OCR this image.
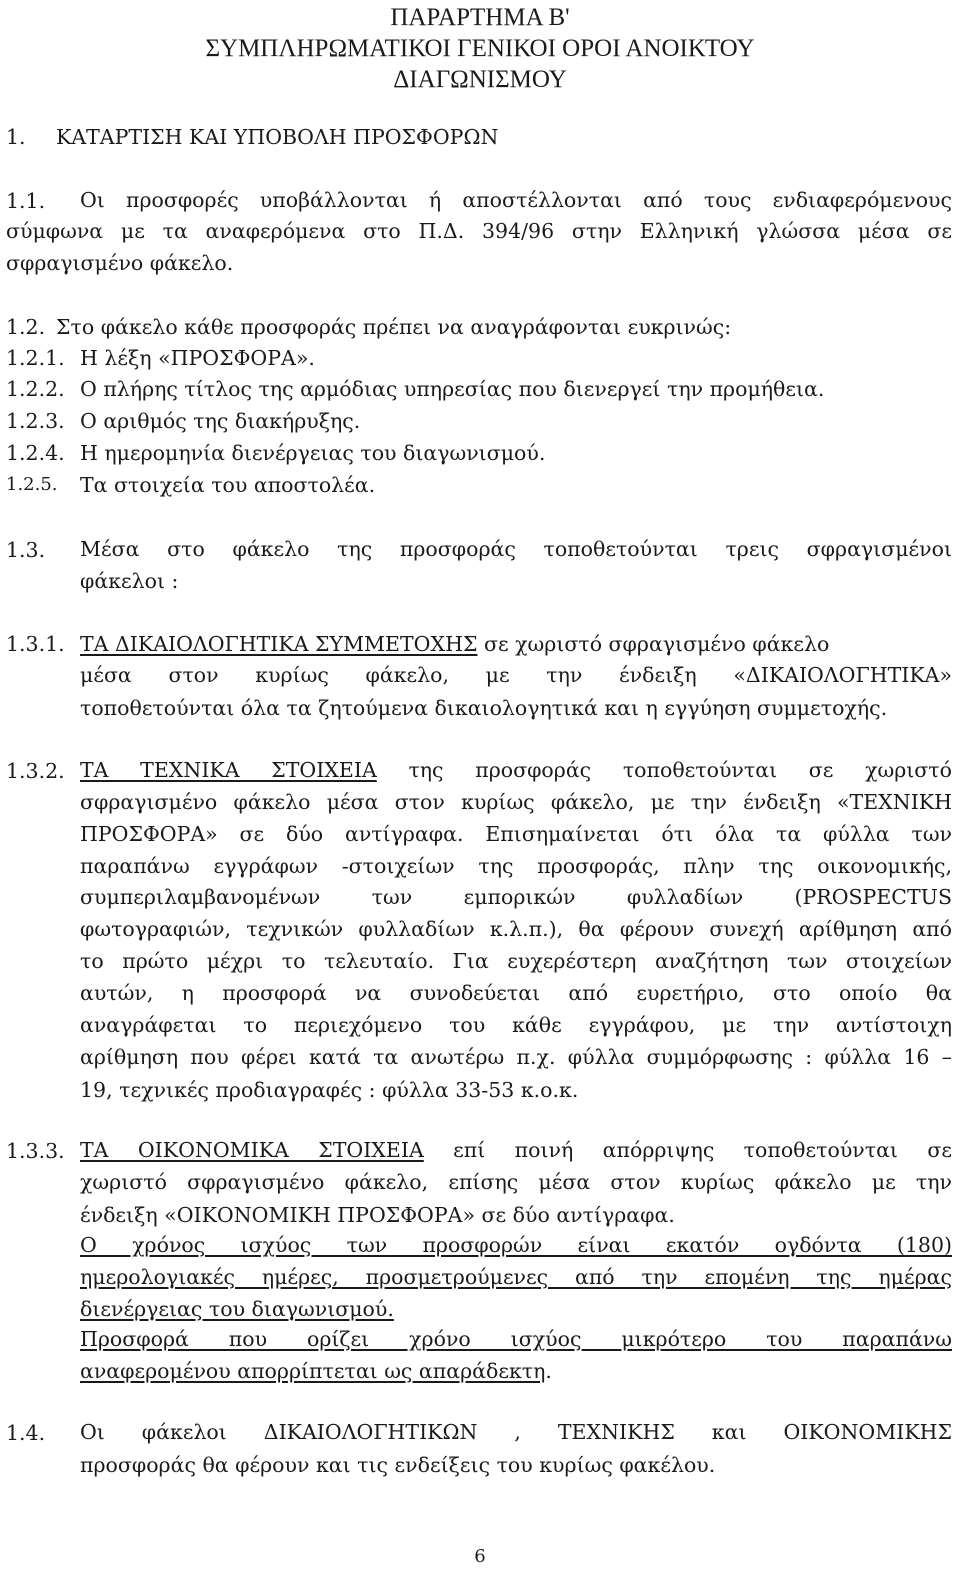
ΠΑΡΑΡΤΗΜΑ Β'
ΣΥΜΠΛΗΡΩΜΑΤΙΚΟΙ ΓΕΝΙΚΟΙ ΟΡΟΙ ΑΝΟΙΚΤΟΥ
ΔΙΑΓΩΝΙΣΜΟΥ
1. ΚΑΤΑΡΤΙΣΗ ΚΑΙ ΥΠΟΒΟΛΗ ΠΡΟΣΦΟΡΩΝ
1.1. Οι προσφορές υποβάλλονται ή αποστέλλονται από τους ενδιαφερόμενους
σύμφωνα με τα αναφερόμενα στο Π.Δ. 394/96 στην Ελληνική γλώσσα μέσα σε
σφραγισμένο φάκελο.
1.2. Στο φάκελο κάθε προσφοράς πρέπει να αναγράφονται ευκρινώς:
1.2.1. Η λέξη «ΠΡΟΣΦΟΡΑ».
1.2.2. Ο πλήρης τίτλος της αρμόδιας υπηρεσίας που διενεργεί την προμήθεια.
1.2.3. Ο αριθμός της διακήρυξης.
1.2.4. Η ημερομηνία διενέργειας του διαγωνισμού.
1.2.5. Τα στοιχεία του αποστολέα.
1.3. Μέσα στο φάκελο της προσφοράς τοποθετούνται τρεις σφραγισμένοι
φάκελοι :
1.3.1. ΤΑ ΔΙΚΑΙΟΛΟΓΗΤΙΚΑ ΣΥΜΜΕΤΟΧΗΣ σε χωριστό σφραγισμένο φάκελο
μέσα στον κυρίως φάκελο, με την ένδειξη «ΔΙΚΑΙΟΛΟΓΗΤΙΚΑ»
τοποθετούνται όλα τα ζητούμενα δικαιολογητικά και η εγγύηση συμμετοχής.
1.3.2. ΤΑ ΤΕΧΝΙΚΑ ΣΤΟΙΧΕΙΑ της προσφοράς τοποθετούνται σε χωριστό
σφραγισμένο φάκελο μέσα στον κυρίως φάκελο, με την ένδειξη «ΤΕΧΝΙΚΗ
ΠΡΟΣΦΟΡΑ» σε δύο αντίγραφα. Επισημαίνεται ότι όλα τα φύλλα των
παραπάνω εγγράφων -στοιχείων της προσφοράς, πλην της οικονομικής,
συμπεριλαμβανομένων των εμπορικών φυλλαδίων (PROSPECTUS
φωτογραφιών, τεχνικών φυλλαδίων κ.λ.π.), θα φέρουν συνεχή αρίθμηση από
το πρώτο μέχρι το τελευταίο. Για ευχερέστερη αναζήτηση των στοιχείων
αυτών, η προσφορά να συνοδεύεται από ευρετήριο, στο οποίο θα
αναγράφεται το περιεχόμενο του κάθε εγγράφου, με την αντίστοιχη
αρίθμηση που φέρει κατά τα ανωτέρω π.χ. φύλλα συμμόρφωσης : φύλλα 16 –
19, τεχνικές προδιαγραφές : φύλλα 33-53 κ.ο.κ.
1.3.3. ΤΑ ΟΙΚΟΝΟΜΙΚΑ ΣΤΟΙΧΕΙΑ επί ποινή απόρριψης τοποθετούνται σε
χωριστό σφραγισμένο φάκελο, επίσης μέσα στον κυρίως φάκελο με την
ένδειξη «ΟΙΚΟΝΟΜΙΚΗ ΠΡΟΣΦΟΡΑ» σε δύο αντίγραφα.
Ο χρόνος ισχύος των προσφορών είναι εκατόν ογδόντα (180)
ημερολογιακές ημέρες, προσμετρούμενες από την επομένη της ημέρας
διενέργειας του διαγωνισμού.
Προσφορά που ορίζει χρόνο ισχύος μικρότερο του παραπάνω
αναφερομένου απορρίπτεται ως απαράδεκτη.
1.4. Οι φάκελοι ΔΙΚΑΙΟΛΟΓΗΤΙΚΩΝ , ΤΕΧΝΙΚΗΣ και ΟΙΚΟΝΟΜΙΚΗΣ
προσφοράς θα φέρουν και τις ενδείξεις του κυρίως φακέλου.
6
